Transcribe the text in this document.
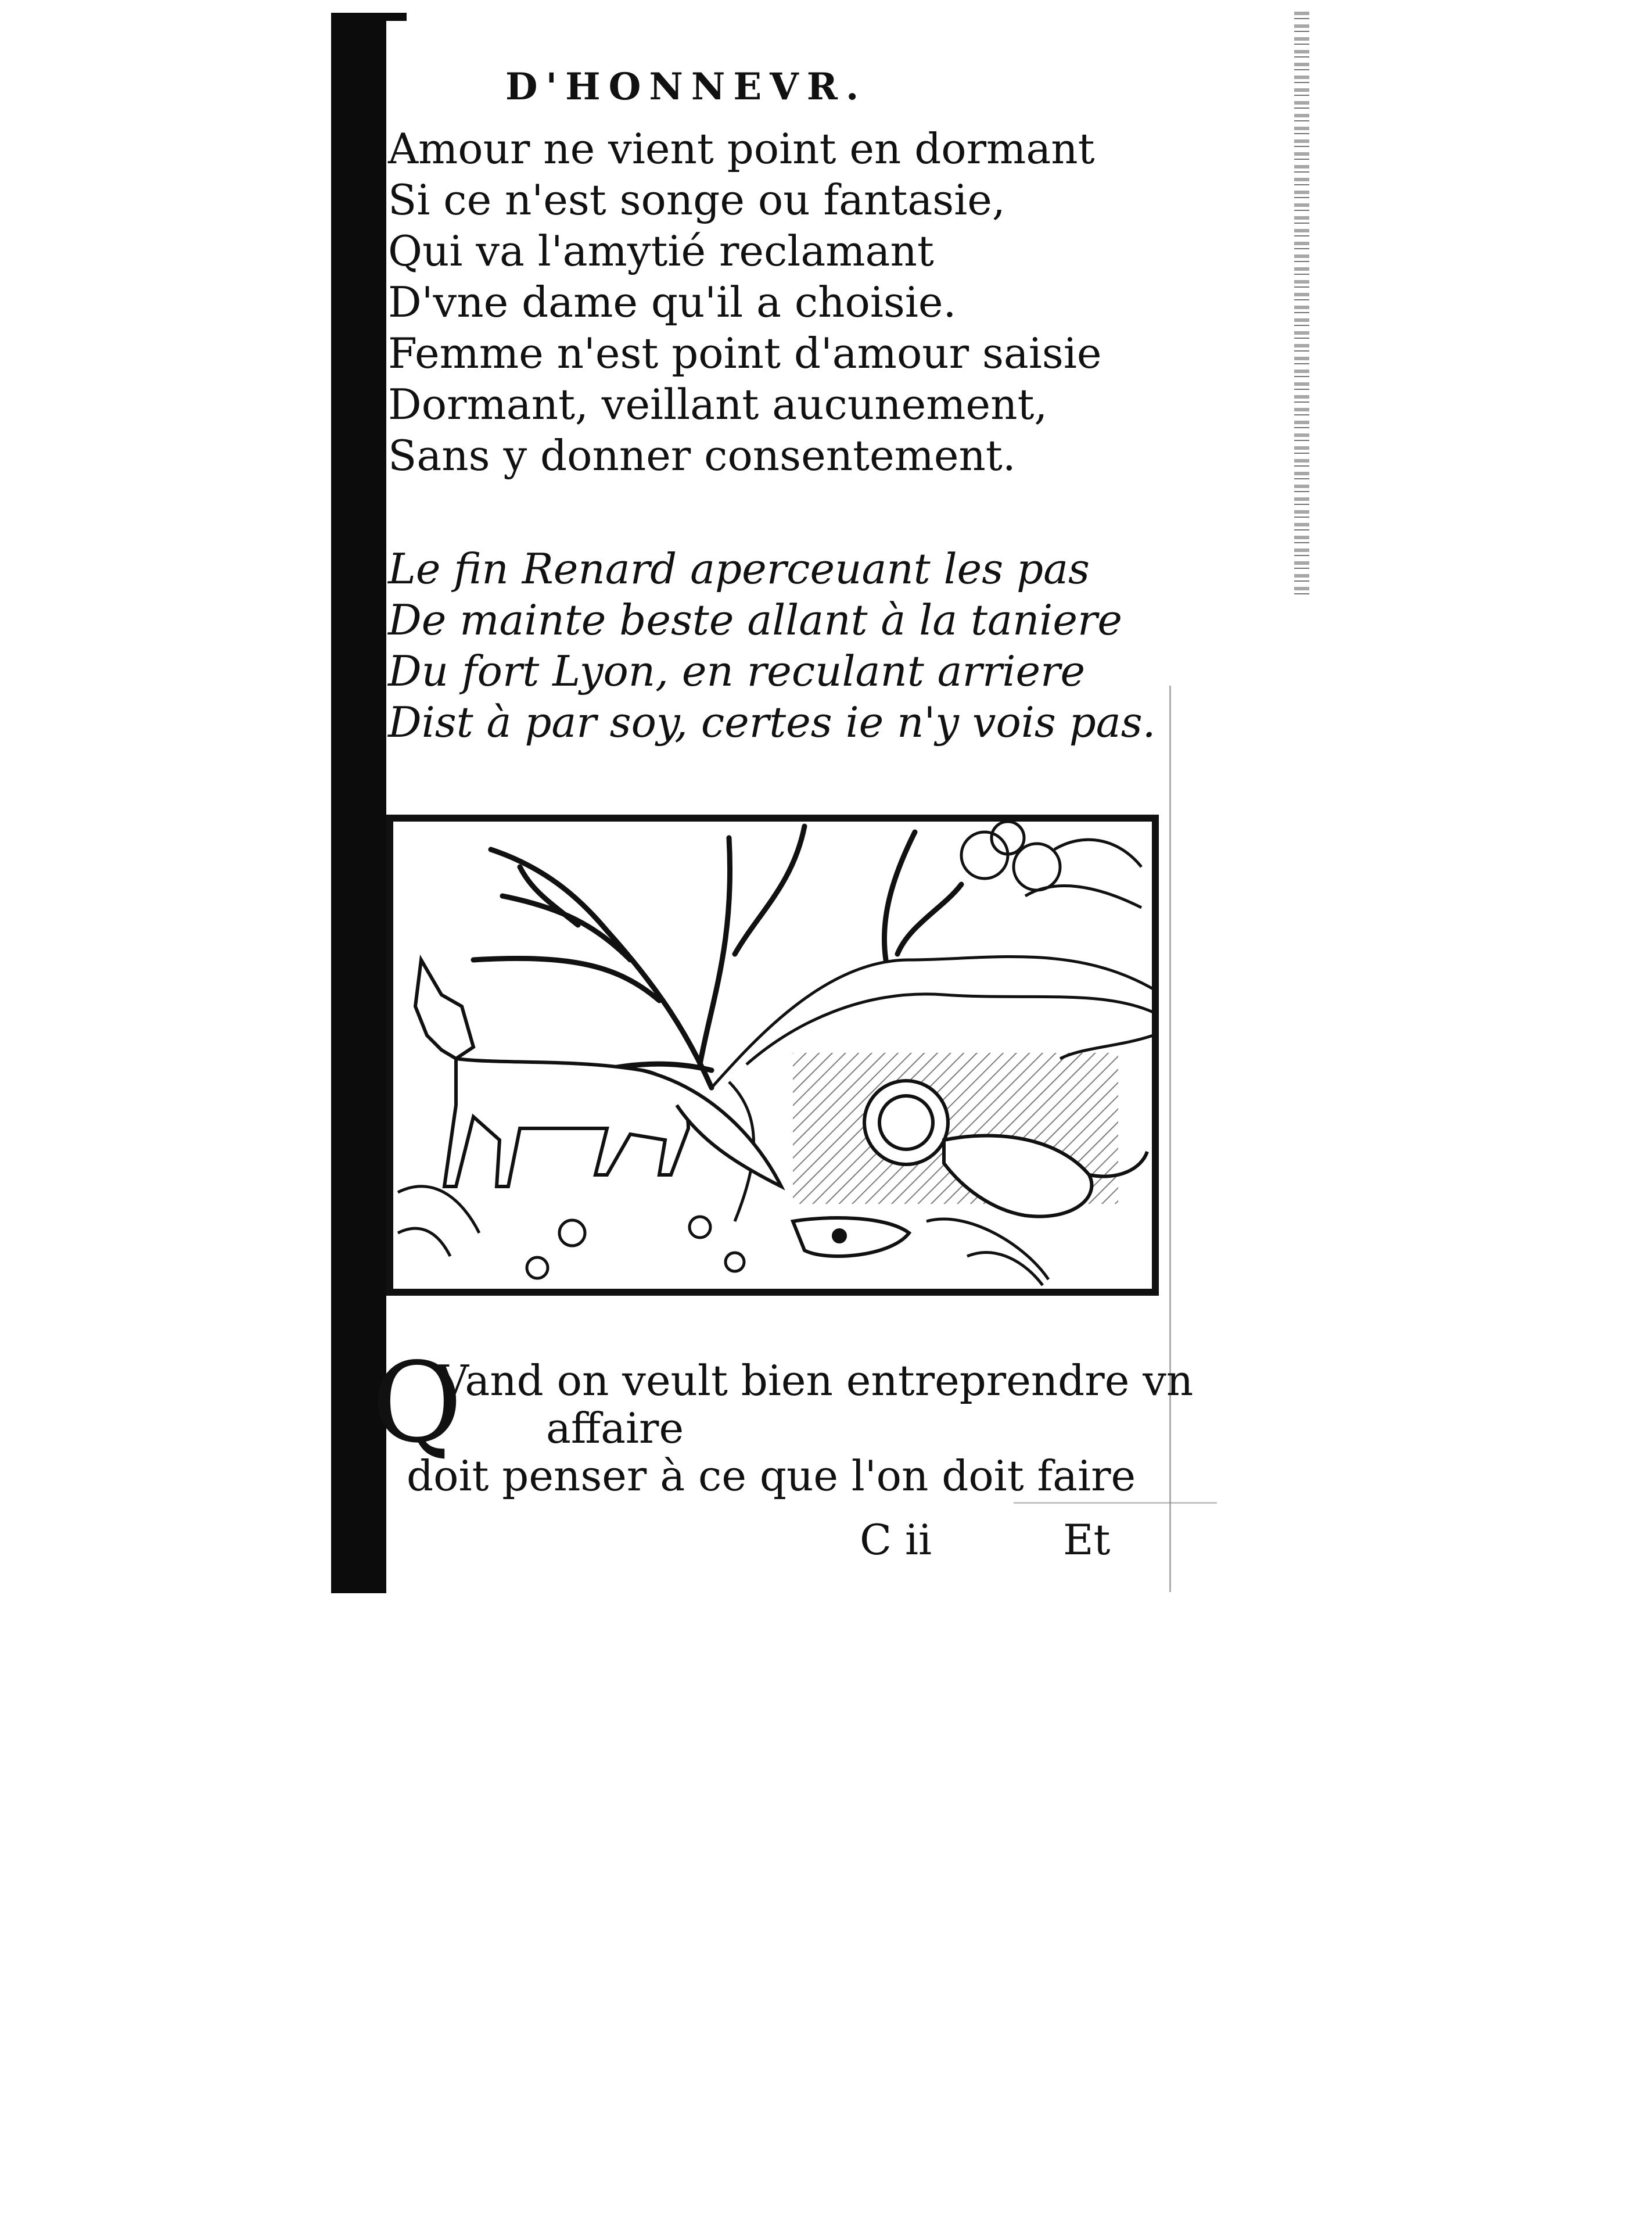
D'HONNEVR.
Amour ne vient point en dormant
Si ce n'est songe ou fantasie,
Qui va l'amytié reclamant
D'vne dame qu'il a choisie.
Femme n'est point d'amour saisie
Dormant, veillant aucunement,
Sans y donner consentement.
Le fin Renard aperceuant les pas
De mainte beste allant à la taniere
Du fort Lyon, en reculant arriere
Dist à par soy, certes ie n'y vois pas.
Q
Vand on veult bien entreprendre vn
affaire
doit penser à ce que l'on doit faire
C ii	Et
